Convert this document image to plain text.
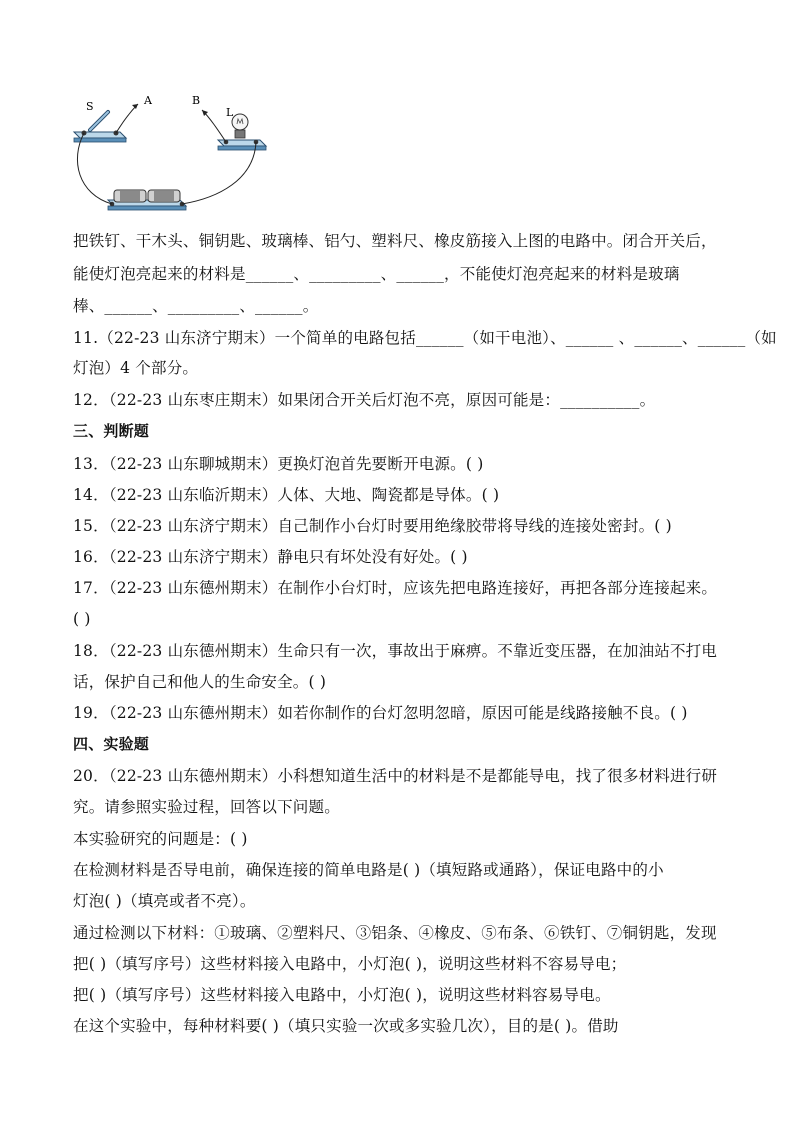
S	A
L
B
把铁钉、干木头、铜钥匙、玻璃棒、铝勺、塑料尺、橡皮筋接入上图的电路中。闭合开关后，
能使灯泡亮起来的材料是______、_________、______，不能使灯泡亮起来的材料是玻璃
棒、______、_________、______。
11.（22-23 山东济宁期末）一个简单的电路包括______（如干电池）、______ 、______、______（如
灯泡）4 个部分。
12．（22-23 山东枣庄期末）如果闭合开关后灯泡不亮，原因可能是：__________。
三、判断题
13．（22-23 山东聊城期末）更换灯泡首先要断开电源。( )
14．（22-23 山东临沂期末）人体、大地、陶瓷都是导体。( )
15．（22-23 山东济宁期末）自己制作小台灯时要用绝缘胶带将导线的连接处密封。( )
16．（22-23 山东济宁期末）静电只有坏处没有好处。( )
17．（22-23 山东德州期末）在制作小台灯时，应该先把电路连接好，再把各部分连接起来。
( )
18．（22-23 山东德州期末）生命只有一次，事故出于麻痹。不靠近变压器，在加油站不打电
话，保护自己和他人的生命安全。( )
19．（22-23 山东德州期末）如若你制作的台灯忽明忽暗，原因可能是线路接触不良。( )
四、实验题
20．（22-23 山东德州期末）小科想知道生活中的材料是不是都能导电，找了很多材料进行研
究。请参照实验过程，回答以下问题。
本实验研究的问题是：( )
在检测材料是否导电前，确保连接的简单电路是( )（填短路或通路），保证电路中的小
灯泡( )（填亮或者不亮）。
通过检测以下材料：①玻璃、②塑料尺、③铝条、④橡皮、⑤布条、⑥铁钉、⑦铜钥匙，发现
把( )（填写序号）这些材料接入电路中，小灯泡( )，说明这些材料不容易导电；
把( )（填写序号）这些材料接入电路中，小灯泡( )，说明这些材料容易导电。
在这个实验中，每种材料要( )（填只实验一次或多实验几次），目的是( )。借助
